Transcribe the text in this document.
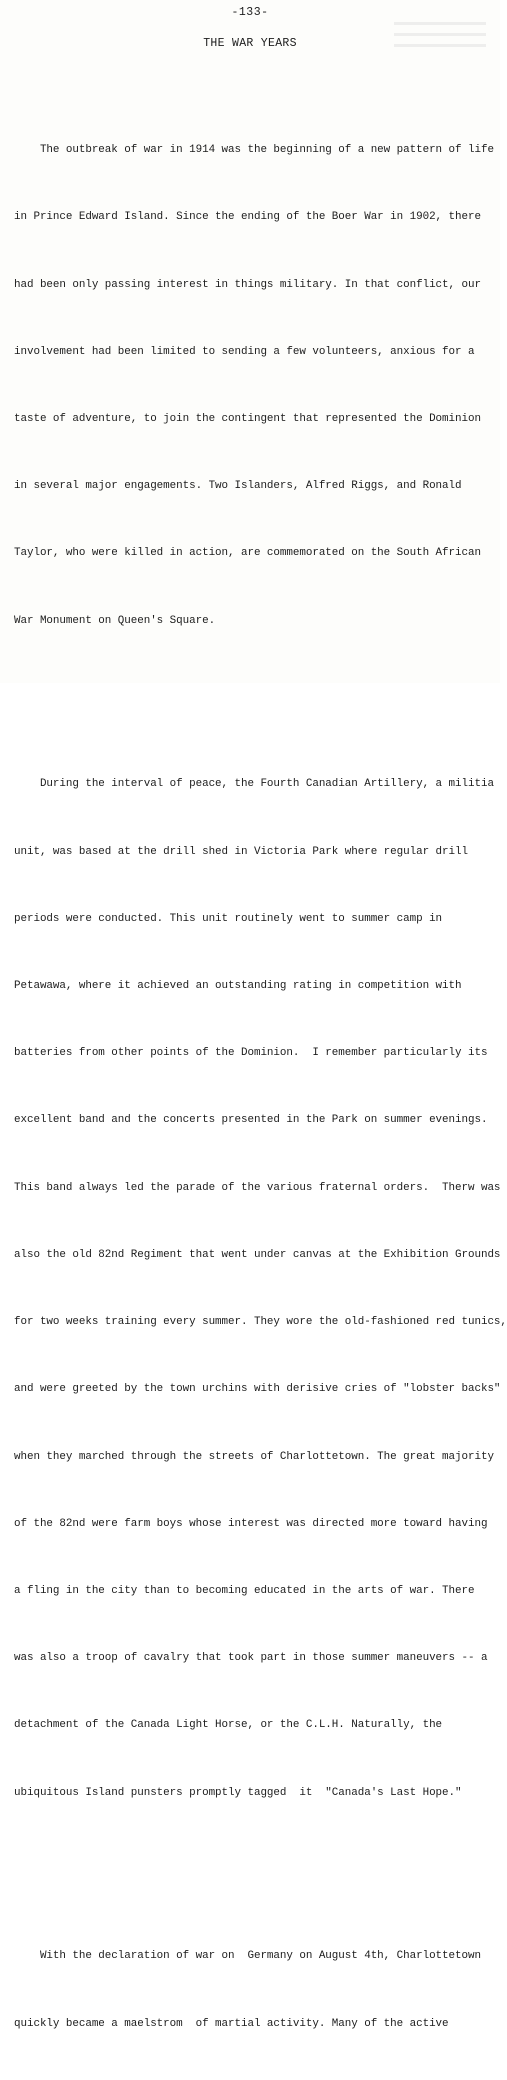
-133-
THE WAR YEARS

The outbreak of war in 1914 was the beginning of a new pattern of life

in Prince Edward Island. Since the ending of the Boer War in 1902, there

had been only passing interest in things military. In that conflict, our

involvement had been limited to sending a few volunteers, anxious for a

taste of adventure, to join the contingent that represented the Dominion

in several major engagements. Two Islanders, Alfred Riggs, and Ronald

Taylor, who were killed in action, are commemorated on the South African

War Monument on Queen's Square.

During the interval of peace, the Fourth Canadian Artillery, a militia

unit, was based at the drill shed in Victoria Park where regular drill

periods were conducted. This unit routinely went to summer camp in

Petawawa, where it achieved an outstanding rating in competition with

batteries from other points of the Dominion.  I remember particularly its

excellent band and the concerts presented in the Park on summer evenings.

This band always led the parade of the various fraternal orders.  Therw was

also the old 82nd Regiment that went under canvas at the Exhibition Grounds

for two weeks training every summer. They wore the old-fashioned red tunics,

and were greeted by the town urchins with derisive cries of "lobster backs"

when they marched through the streets of Charlottetown. The great majority

of the 82nd were farm boys whose interest was directed more toward having

a fling in the city than to becoming educated in the arts of war. There

was also a troop of cavalry that took part in those summer maneuvers -- a

detachment of the Canada Light Horse, or the C.L.H. Naturally, the

ubiquitous Island punsters promptly tagged  it  "Canada's Last Hope."

With the declaration of war on  Germany on August 4th, Charlottetown

quickly became a maelstrom  of martial activity. Many of the active
